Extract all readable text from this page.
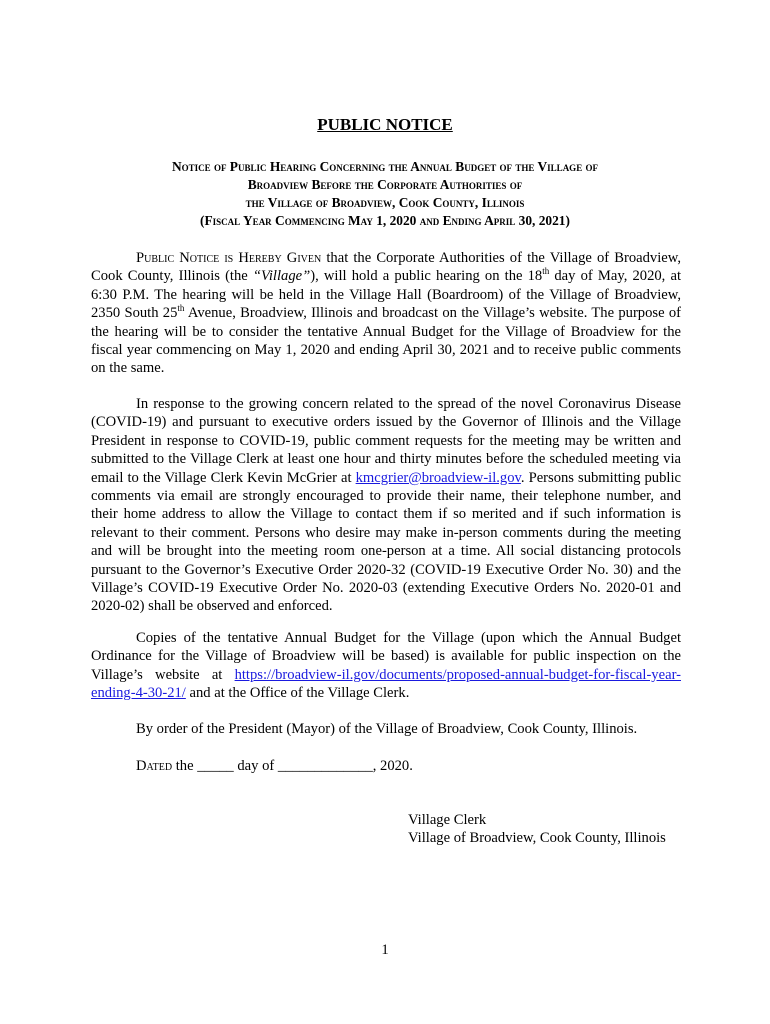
PUBLIC NOTICE
Notice of Public Hearing Concerning the Annual Budget of the Village of
Broadview Before the Corporate Authorities of
the Village of Broadview, Cook County, Illinois
(Fiscal Year Commencing May 1, 2020 and Ending April 30, 2021)

Public Notice is Hereby Given that the Corporate Authorities of the Village of Broadview, Cook County, Illinois (the “Village”), will hold a public hearing on the 18th day of May, 2020, at 6:30 P.M. The hearing will be held in the Village Hall (Boardroom) of the Village of Broadview, 2350 South 25th Avenue, Broadview, Illinois and broadcast on the Village’s website. The purpose of the hearing will be to consider the tentative Annual Budget for the Village of Broadview for the fiscal year commencing on May 1, 2020 and ending April 30, 2021 and to receive public comments on the same.

In response to the growing concern related to the spread of the novel Coronavirus Disease (COVID-19) and pursuant to executive orders issued by the Governor of Illinois and the Village President in response to COVID-19, public comment requests for the meeting may be written and submitted to the Village Clerk at least one hour and thirty minutes before the scheduled meeting via email to the Village Clerk Kevin McGrier at kmcgrier@broadview-il.gov. Persons submitting public comments via email are strongly encouraged to provide their name, their telephone number, and their home address to allow the Village to contact them if so merited and if such information is relevant to their comment. Persons who desire may make in-person comments during the meeting and will be brought into the meeting room one-person at a time. All social distancing protocols pursuant to the Governor’s Executive Order 2020-32 (COVID-19 Executive Order No. 30) and the Village’s COVID-19 Executive Order No. 2020-03 (extending Executive Orders No. 2020-01 and 2020-02) shall be observed and enforced.

Copies of the tentative Annual Budget for the Village (upon which the Annual Budget Ordinance for the Village of Broadview will be based) is available for public inspection on the Village’s website at https://broadview-il.gov/documents/proposed-annual-budget-for-fiscal-year-ending-4-30-21/ and at the Office of the Village Clerk.

By order of the President (Mayor) of the Village of Broadview, Cook County, Illinois.

Dated the _____ day of _____________, 2020.

Village Clerk
Village of Broadview, Cook County, Illinois
1
